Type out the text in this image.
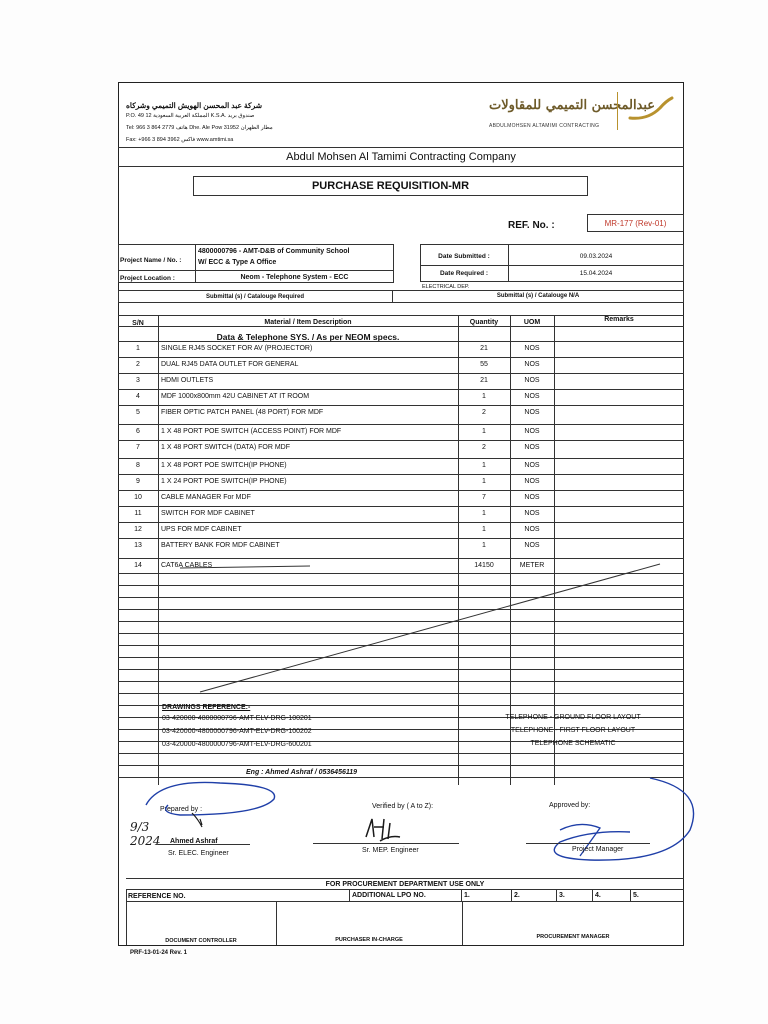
شركة عبد المحسن الهويش التميمي وشركاه
P.O. 49 12 المملكة العربية السعودية K.S.A. صندوق بريد
Tel: 966 3 864 2779 هاتف Dhe. Ale Pow 31952 مطار الظهران
Fax: +966 3 894 3962 فاكس www.amtimi.sa
عبدالمحسن التميمي للمقاولات
ABDULMOHSEN ALTAMIMI CONTRACTING
Abdul Mohsen Al Tamimi Contracting Company
PURCHASE REQUISITION-MR
REF. No. :	MR-177 (Rev-01)
Project Name / No. :
4800000796 - AMT-D&B of Community School
W/ ECC & Type A Office
Project Location :	Neom - Telephone System - ECC
Date Submitted :	09.03.2024
Date Required :	15.04.2024
ELECTRICAL DEP.
Submittal (s) / Catalouge Required	Submittal (s) / Catalouge N/A
S/N	Material / Item Description	Quantity	UOM	Remarks
Data & Telephone SYS. / As per NEOM specs.
1	SINGLE RJ45 SOCKET FOR AV (PROJECTOR)	21	NOS
2	DUAL RJ45 DATA OUTLET FOR GENERAL	55	NOS
3	HDMI OUTLETS	21	NOS
4	MDF 1000x800mm 42U CABINET AT IT ROOM	1	NOS
5	FIBER OPTIC PATCH PANEL (48 PORT) FOR MDF	2	NOS
6	1 X 48 PORT POE SWITCH (ACCESS POINT) FOR MDF	1	NOS
7	1 X 48 PORT SWITCH (DATA) FOR MDF	2	NOS
8	1 X 48 PORT POE SWITCH(IP PHONE)	1	NOS
9	1 X 24 PORT POE SWITCH(IP PHONE)	1	NOS
10	CABLE MANAGER For MDF	7	NOS
11	SWITCH FOR MDF CABINET	1	NOS
12	UPS FOR MDF CABINET	1	NOS
13	BATTERY BANK FOR MDF CABINET	1	NOS
14	CAT6A CABLES	14150	METER
DRAWINGS REFERENCE:-
03-420000-4800000796-AMT-ELV-DRG-100201	TELEPHONE - GROUND FLOOR LAYOUT
03-420000-4800000796-AMT-ELV-DRG-100202	TELEPHONE - FIRST FLOOR LAYOUT
03-420000-4800000796-AMT-ELV-DRG-600201	TELEPHONE SCHEMATIC
Eng : Ahmed Ashraf / 0536456119
Prepared by :
9/3 2024	Ahmed Ashraf
Sr. ELEC. Engineer
Verified by ( A to Z):
Sr. MEP. Engineer
Approved by:
Project Manager
FOR PROCUREMENT DEPARTMENT USE ONLY
REFERENCE NO.	ADDITIONAL LPO NO.	1.	2.	3.	4.	5.
DOCUMENT CONTROLLER	PURCHASER IN-CHARGE	PROCUREMENT MANAGER
PRF-13-01-24 Rev. 1
